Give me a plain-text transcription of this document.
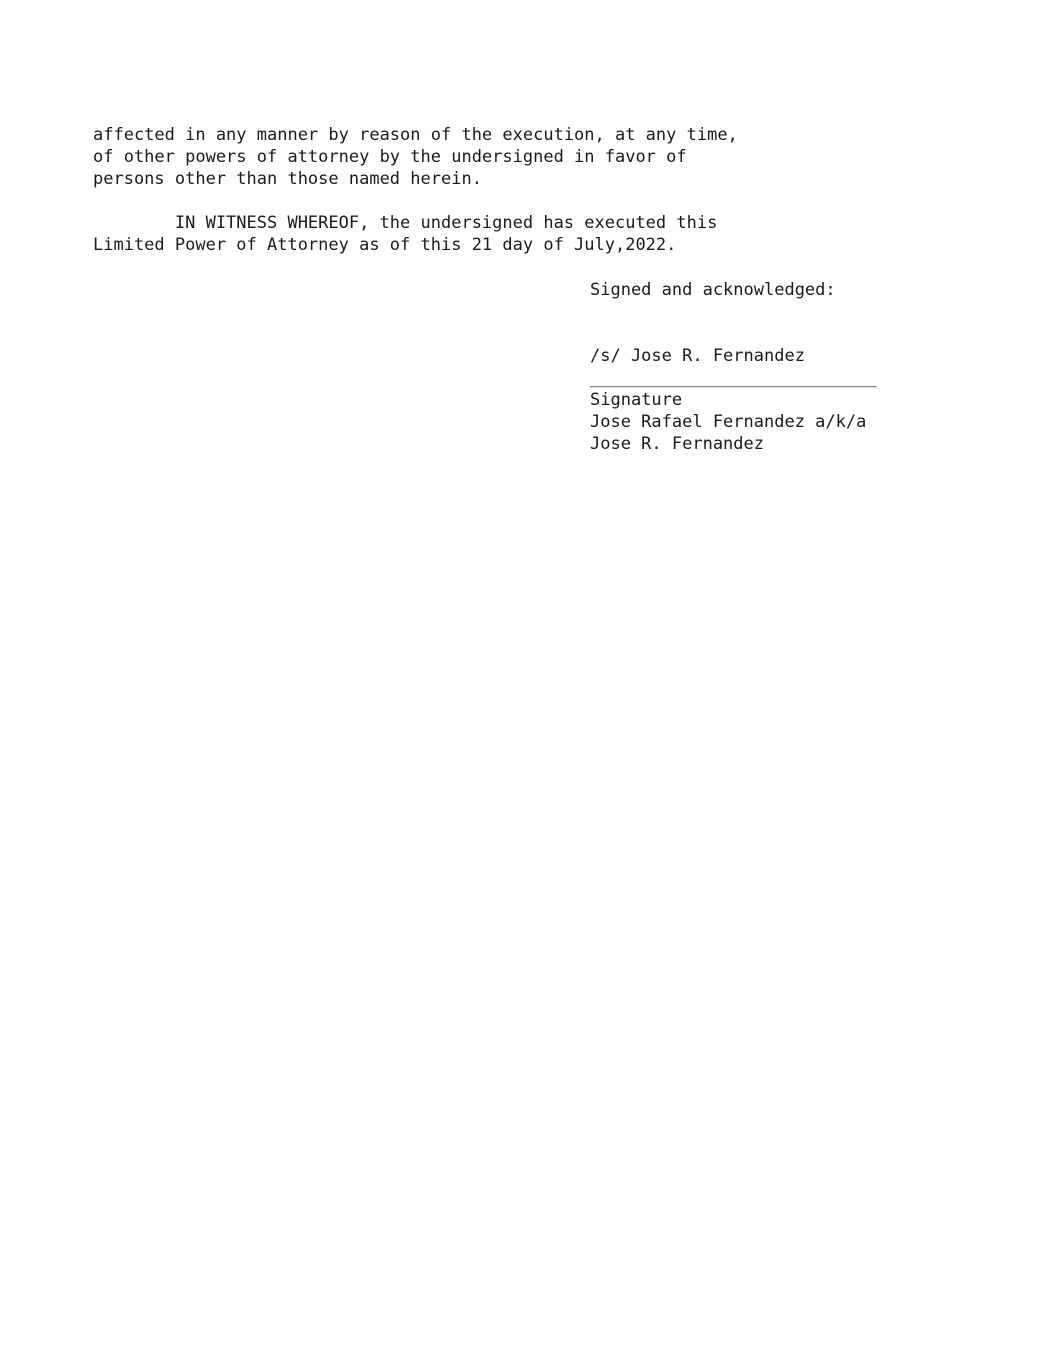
affected in any manner by reason of the execution, at any time,
of other powers of attorney by the undersigned in favor of
persons other than those named herein.
IN WITNESS WHEREOF, the undersigned has executed this
Limited Power of Attorney as of this 21 day of July,2022.
Signed and acknowledged:
/s/ Jose R. Fernandez
____________________________
Signature
Jose Rafael Fernandez a/k/a
Jose R. Fernandez
